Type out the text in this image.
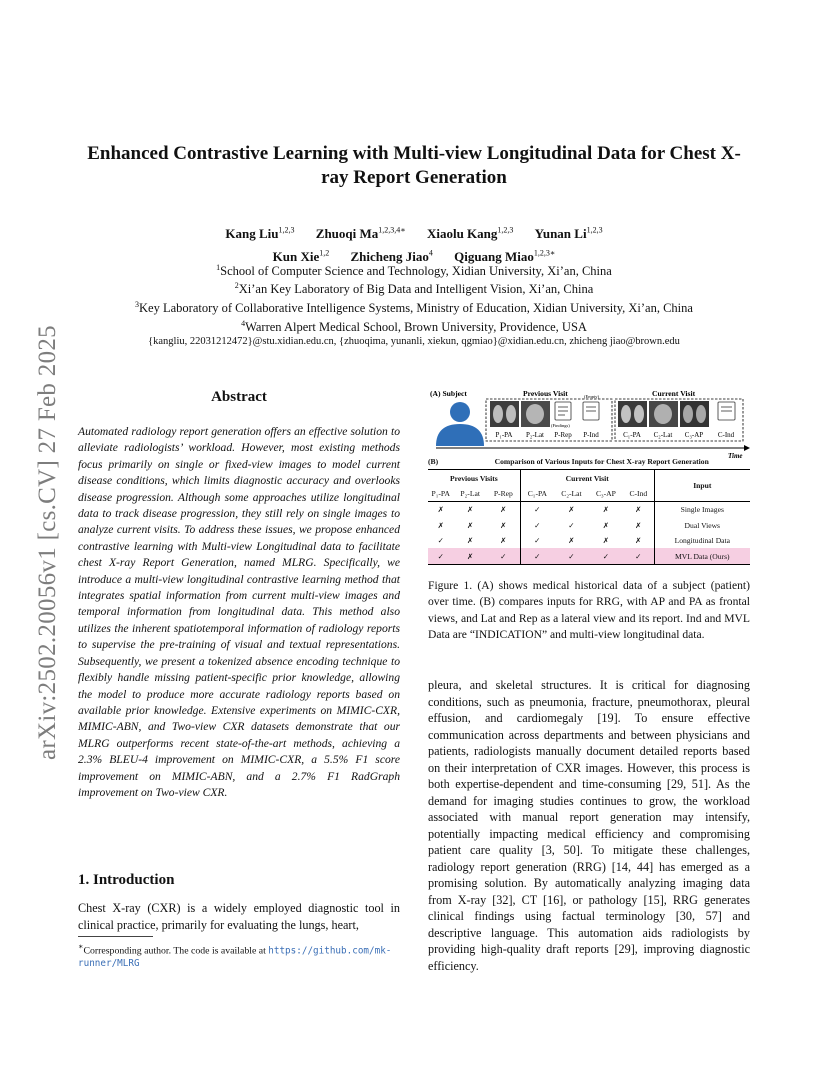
arXiv:2502.20056v1 [cs.CV] 27 Feb 2025
Enhanced Contrastive Learning with Multi-view Longitudinal Data for Chest X-ray Report Generation
Kang Liu$^{1,2,3}$ Zhuoqi $Ma^{1,2,3,4∗}$ Xiaolu Kang$^{1,2,3}$ Yunan Li$^{1,2,3}$
Kun Xie$^{1,2}$ Zhicheng Jiao$^4$ Qiguang Miao$^{1,2,3∗}$
$^1$School of Computer Science and Technology, Xidian University, Xi’an, China
$^2$Xi’an Key Laboratory of Big Data and Intelligent Vision, Xi’an, China
$^3$Key Laboratory of Collaborative Intelligence Systems, Ministry of Education, Xidian University, Xi’an, China
$^4$Warren Alpert Medical School, Brown University, Providence, USA
{kangliu, 22031212472}@stu.xidian.edu.cn, {zhuoqima, yunanli, xiekun, qgmiao}@xidian.edu.cn, zhicheng jiao@brown.edu
Abstract
Automated radiology report generation offers an effective solution to alleviate radiologists’ workload. However, most existing methods focus primarily on single or fixed-view images to model current disease conditions, which limits diagnostic accuracy and overlooks disease progression. Although some approaches utilize longitudinal data to track disease progression, they still rely on single images to analyze current visits. To address these issues, we propose enhanced contrastive learning with Multi-view Longitudinal data to facilitate chest X-ray Report Generation, named MLRG. Specifically, we introduce a multi-view longitudinal contrastive learning method that integrates spatial information from current multi-view images and temporal information from longitudinal data. This method also utilizes the inherent spatiotemporal information of radiology reports to supervise the pre-training of visual and textual representations. Subsequently, we present a tokenized absence encoding technique to flexibly handle missing patient-specific prior knowledge, allowing the model to produce more accurate radiology reports based on available prior knowledge. Extensive experiments on MIMIC-CXR, MIMIC-ABN, and Two-view CXR datasets demonstrate that our MLRG outperforms recent state-of-the-art methods, achieving a 2.3% BLEU-4 improvement on MIMIC-CXR, a 5.5% F1 score improvement on MIMIC-ABN, and a 2.7% F1 RadGraph improvement on Two-view CXR.
1. Introduction
Chest X-ray (CXR) is a widely employed diagnostic tool in clinical practice, primarily for evaluating the lungs, heart,
∗Corresponding author. The code is available at https://github.com/mk-runner/MLRG
(A) Subject	Previous Visit	Current Visit
(Findings)
(Empty)
P₁-PA P₂-Lat P-Rep P-Ind	C₁-PA C₂-Lat C₃-AP C-Ind
Time
(B)	Comparison of Various Inputs for Chest X-ray Report Generation							
Previous Visits			Current Visit				Input	
P₁-PA	P₂-Lat	P-Rep	C₁-PA	C₂-Lat	C₃-AP	C-Ind		
✗	✗	✗	✓	✗	✗	✗	Single Images	
✗	✗	✗	✓	✓	✗	✗	Dual Views	
✓	✗	✗	✓	✗	✗	✗	Longitudinal Data	
✓	✗	✓	✓	✓	✓	✓	MVL Data (Ours)	
Figure 1. (A) shows medical historical data of a subject (patient) over time. (B) compares inputs for RRG, with AP and PA as frontal views, and Lat and Rep as a lateral view and its report. Ind and MVL Data are “INDICATION” and multi-view longitudinal data.
pleura, and skeletal structures. It is critical for diagnosing conditions, such as pneumonia, fracture, pneumothorax, pleural effusion, and cardiomegaly [19]. To ensure effective communication across departments and between physicians and patients, radiologists manually document detailed reports based on their interpretation of CXR images. However, this process is both expertise-dependent and time-consuming [29, 51]. As the demand for imaging studies continues to grow, the workload associated with manual report generation may intensify, potentially impacting medical efficiency and compromising patient care quality [3, 50]. To mitigate these challenges, radiology report generation (RRG) [14, 44] has emerged as a promising solution. By automatically analyzing imaging data from X-ray [32], CT [16], or pathology [15], RRG generates clinical findings using factual terminology [30, 57] and descriptive language. This automation aids radiologists by providing high-quality draft reports [29], improving diagnostic efficiency.
